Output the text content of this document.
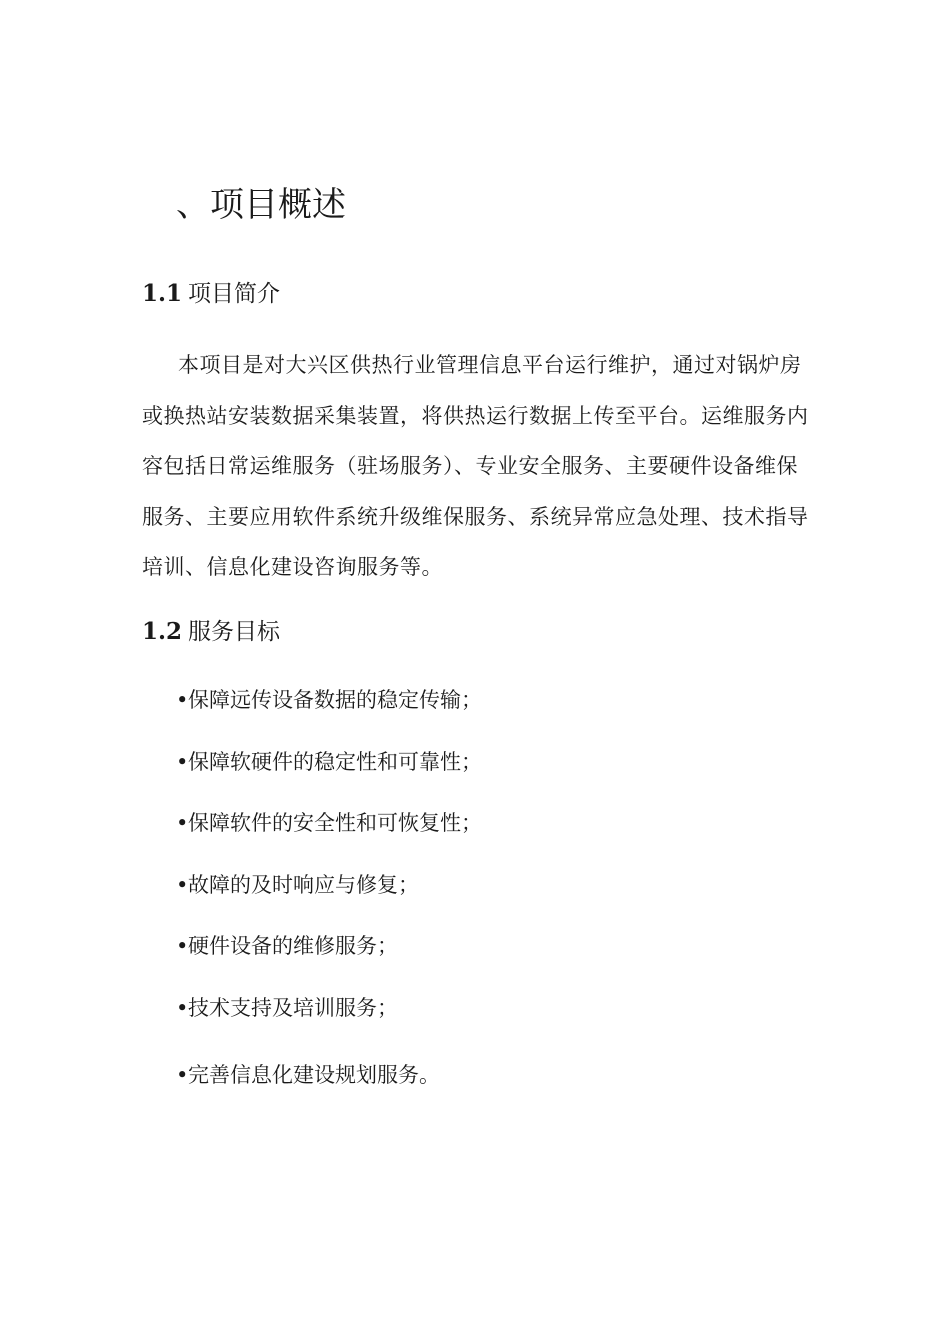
、项目概述
1.1 项目简介

本项目是对大兴区供热行业管理信息平台运行维护，通过对锅炉房或换热站安装数据采集装置，将供热运行数据上传至平台。运维服务内容包括日常运维服务（驻场服务）、专业安全服务、主要硬件设备维保服务、主要应用软件系统升级维保服务、系统异常应急处理、技术指导培训、信息化建设咨询服务等。

1.2 服务目标
•保障远传设备数据的稳定传输；
•保障软硬件的稳定性和可靠性；
•保障软件的安全性和可恢复性；
•故障的及时响应与修复；
•硬件设备的维修服务；
•技术支持及培训服务；
•完善信息化建设规划服务。
